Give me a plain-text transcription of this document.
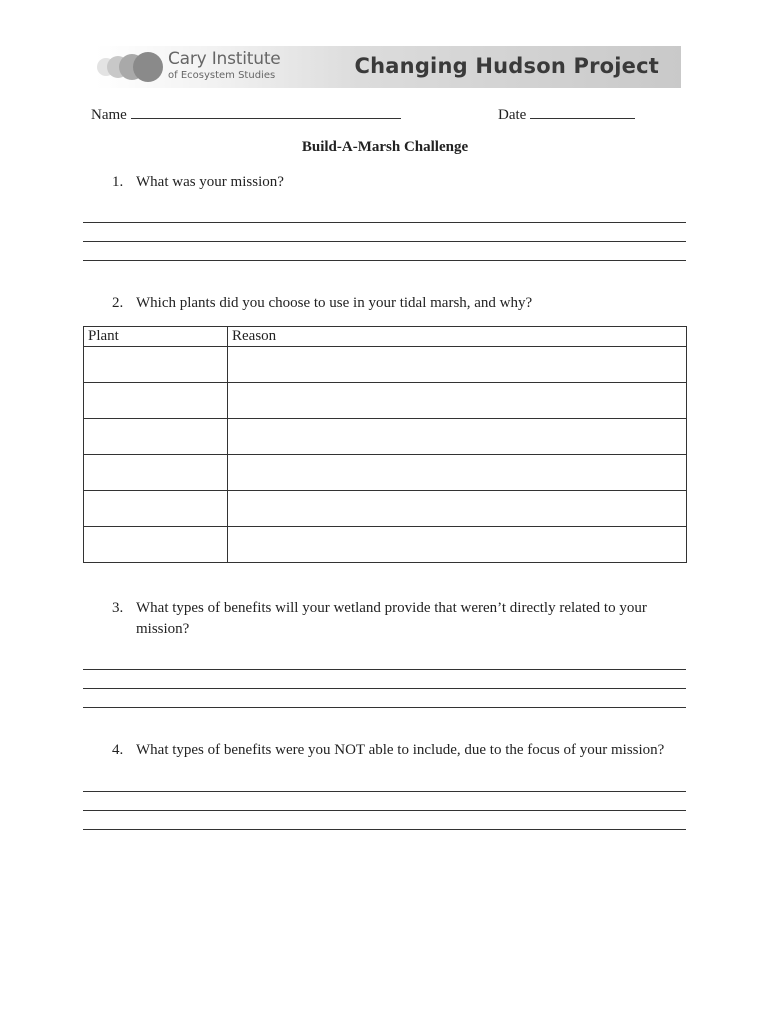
Cary Institute
of Ecosystem Studies	Changing Hudson Project
Name	Date
Build-A-Marsh Challenge
1. What was your mission?
2. Which plants did you choose to use in your tidal marsh, and why?
Plant	Reason

3. What types of benefits will your wetland provide that weren’t directly related to your mission?
4. What types of benefits were you NOT able to include, due to the focus of your mission?
